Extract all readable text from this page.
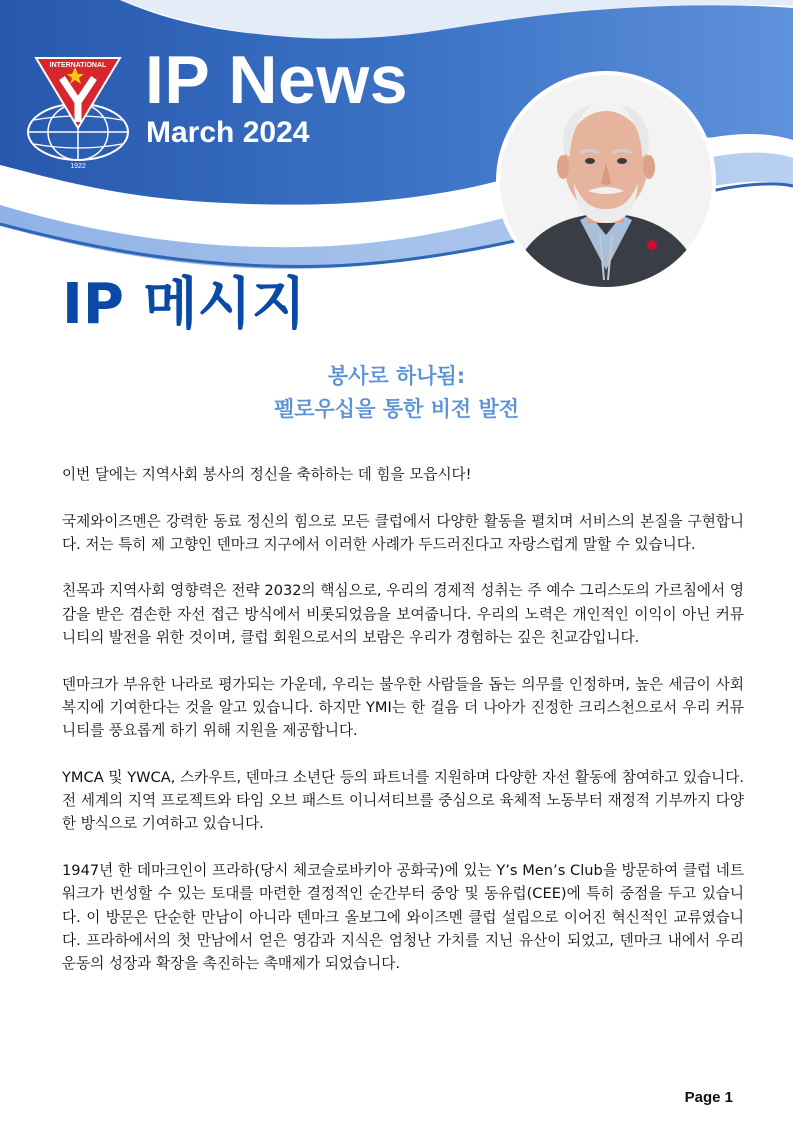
INTERNATIONAL
1922
IP News
March 2024
IP 메시지
봉사로 하나됨:
펠로우십을 통한 비전 발전

이번 달에는 지역사회 봉사의 정신을 축하하는 데 힘을 모읍시다!

국제와이즈멘은 강력한 동료 정신의 힘으로 모든 클럽에서 다양한 활동을 펼치며 서비스의 본질을 구현합니다. 저는 특히 제 고향인 덴마크 지구에서 이러한 사례가 두드러진다고 자랑스럽게 말할 수 있습니다.

친목과 지역사회 영향력은 전략 2032의 핵심으로, 우리의 경제적 성취는 주 예수 그리스도의 가르침에서 영감을 받은 겸손한 자선 접근 방식에서 비롯되었음을 보여줍니다. 우리의 노력은 개인적인 이익이 아닌 커뮤니티의 발전을 위한 것이며, 클럽 회원으로서의 보람은 우리가 경험하는 깊은 친교감입니다.

덴마크가 부유한 나라로 평가되는 가운데, 우리는 불우한 사람들을 돕는 의무를 인정하며, 높은 세금이 사회 복지에 기여한다는 것을 알고 있습니다. 하지만 YMI는 한 걸음 더 나아가 진정한 크리스천으로서 우리 커뮤니티를 풍요롭게 하기 위해 지원을 제공합니다.

YMCA 및 YWCA, 스카우트, 덴마크 소년단 등의 파트너를 지원하며 다양한 자선 활동에 참여하고 있습니다. 전 세계의 지역 프로젝트와 타임 오브 패스트 이니셔티브를 중심으로 육체적 노동부터 재정적 기부까지 다양한 방식으로 기여하고 있습니다.

1947년 한 데마크인이 프라하(당시 체코슬로바키아 공화국)에 있는 Y’s Men’s Club을 방문하여 클럽 네트워크가 번성할 수 있는 토대를 마련한 결정적인 순간부터 중앙 및 동유럽(CEE)에 특히 중점을 두고 있습니다. 이 방문은 단순한 만남이 아니라 덴마크 올보그에 와이즈멘 클럽 설립으로 이어진 혁신적인 교류였습니다. 프라하에서의 첫 만남에서 얻은 영감과 지식은 엄청난 가치를 지닌 유산이 되었고, 덴마크 내에서 우리 운동의 성장과 확장을 촉진하는 촉매제가 되었습니다.

Page 1
